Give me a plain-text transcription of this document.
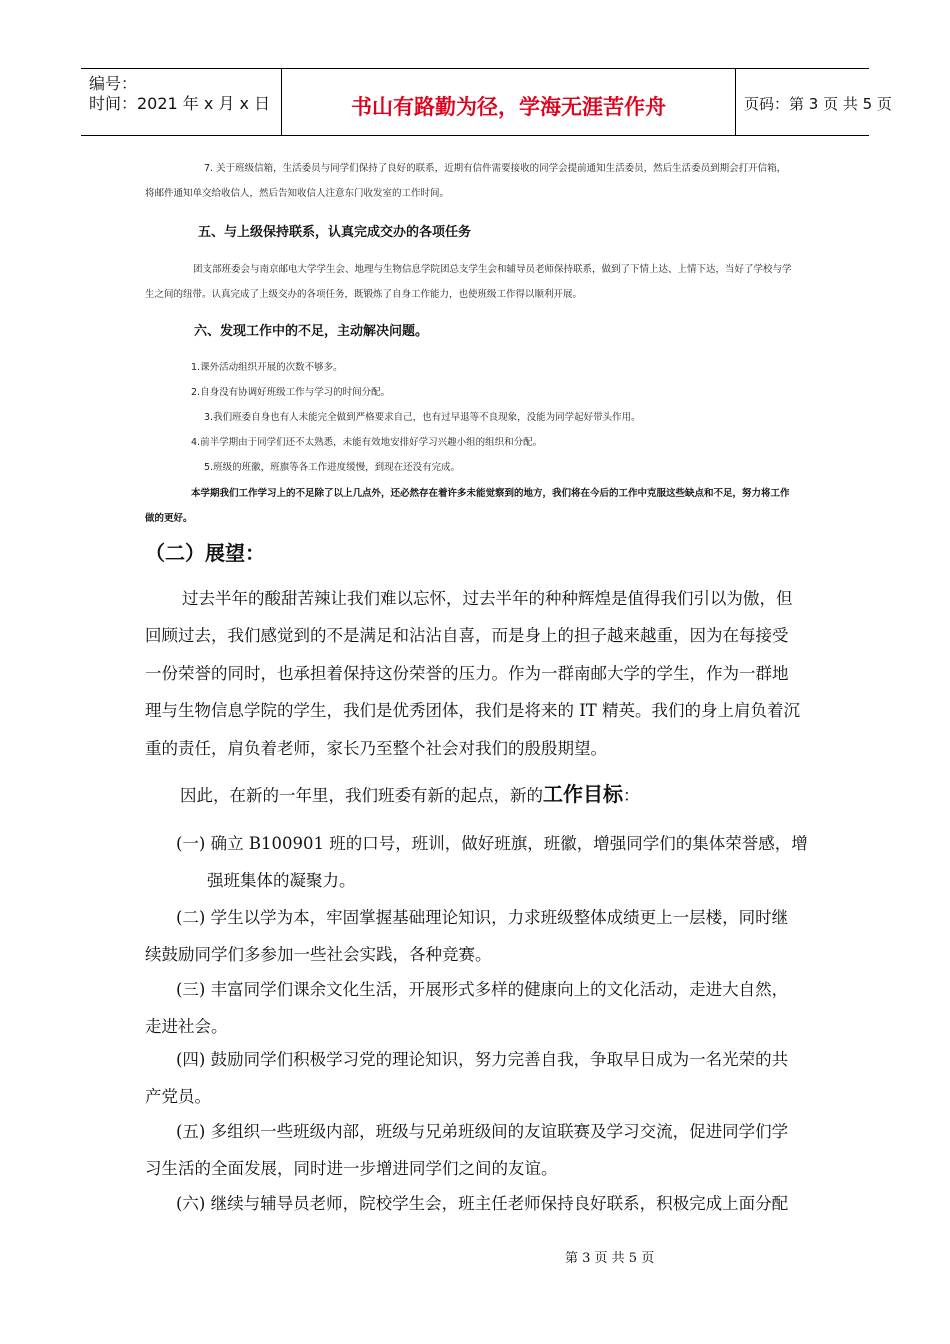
编号：
时间：2021 年 x 月 x 日	书山有路勤为径，学海无涯苦作舟	页码：第 3 页 共 5 页
7. 关于班级信箱，生活委员与同学们保持了良好的联系，近期有信件需要接收的同学会提前通知生活委员，然后生活委员到期会打开信箱，
将邮件通知单交给收信人，然后告知收信人注意东门收发室的工作时间。
五、与上级保持联系，认真完成交办的各项任务
团支部班委会与南京邮电大学学生会、地理与生物信息学院团总支学生会和辅导员老师保持联系，做到了下情上达、上情下达，当好了学校与学
生之间的纽带。认真完成了上级交办的各项任务，既锻炼了自身工作能力，也使班级工作得以顺利开展。
六、发现工作中的不足，主动解决问题。
1.课外活动组织开展的次数不够多。
2.自身没有协调好班级工作与学习的时间分配。
3.我们班委自身也有人未能完全做到严格要求自己，也有过早退等不良现象，没能为同学起好带头作用。
4.前半学期由于同学们还不太熟悉，未能有效地安排好学习兴趣小组的组织和分配。
5.班级的班徽，班旗等各工作进度缓慢，到现在还没有完成。
本学期我们工作学习上的不足除了以上几点外，还必然存在着许多未能觉察到的地方，我们将在今后的工作中克服这些缺点和不足，努力将工作
做的更好。
（二）展望：
过去半年的酸甜苦辣让我们难以忘怀，过去半年的种种辉煌是值得我们引以为傲，但
回顾过去，我们感觉到的不是满足和沾沾自喜，而是身上的担子越来越重，因为在每接受
一份荣誉的同时，也承担着保持这份荣誉的压力。作为一群南邮大学的学生，作为一群地
理与生物信息学院的学生，我们是优秀团体，我们是将来的 IT 精英。我们的身上肩负着沉
重的责任，肩负着老师，家长乃至整个社会对我们的殷殷期望。
因此，在新的一年里，我们班委有新的起点，新的工作目标：
(一) 确立 B100901 班的口号，班训，做好班旗，班徽，增强同学们的集体荣誉感，增
强班集体的凝聚力。
(二) 学生以学为本，牢固掌握基础理论知识，力求班级整体成绩更上一层楼，同时继
续鼓励同学们多参加一些社会实践，各种竞赛。
(三) 丰富同学们课余文化生活，开展形式多样的健康向上的文化活动，走进大自然，
走进社会。
(四) 鼓励同学们积极学习党的理论知识，努力完善自我，争取早日成为一名光荣的共
产党员。
(五) 多组织一些班级内部，班级与兄弟班级间的友谊联赛及学习交流，促进同学们学
习生活的全面发展，同时进一步增进同学们之间的友谊。
(六) 继续与辅导员老师，院校学生会，班主任老师保持良好联系，积极完成上面分配
第 3 页 共 5 页
